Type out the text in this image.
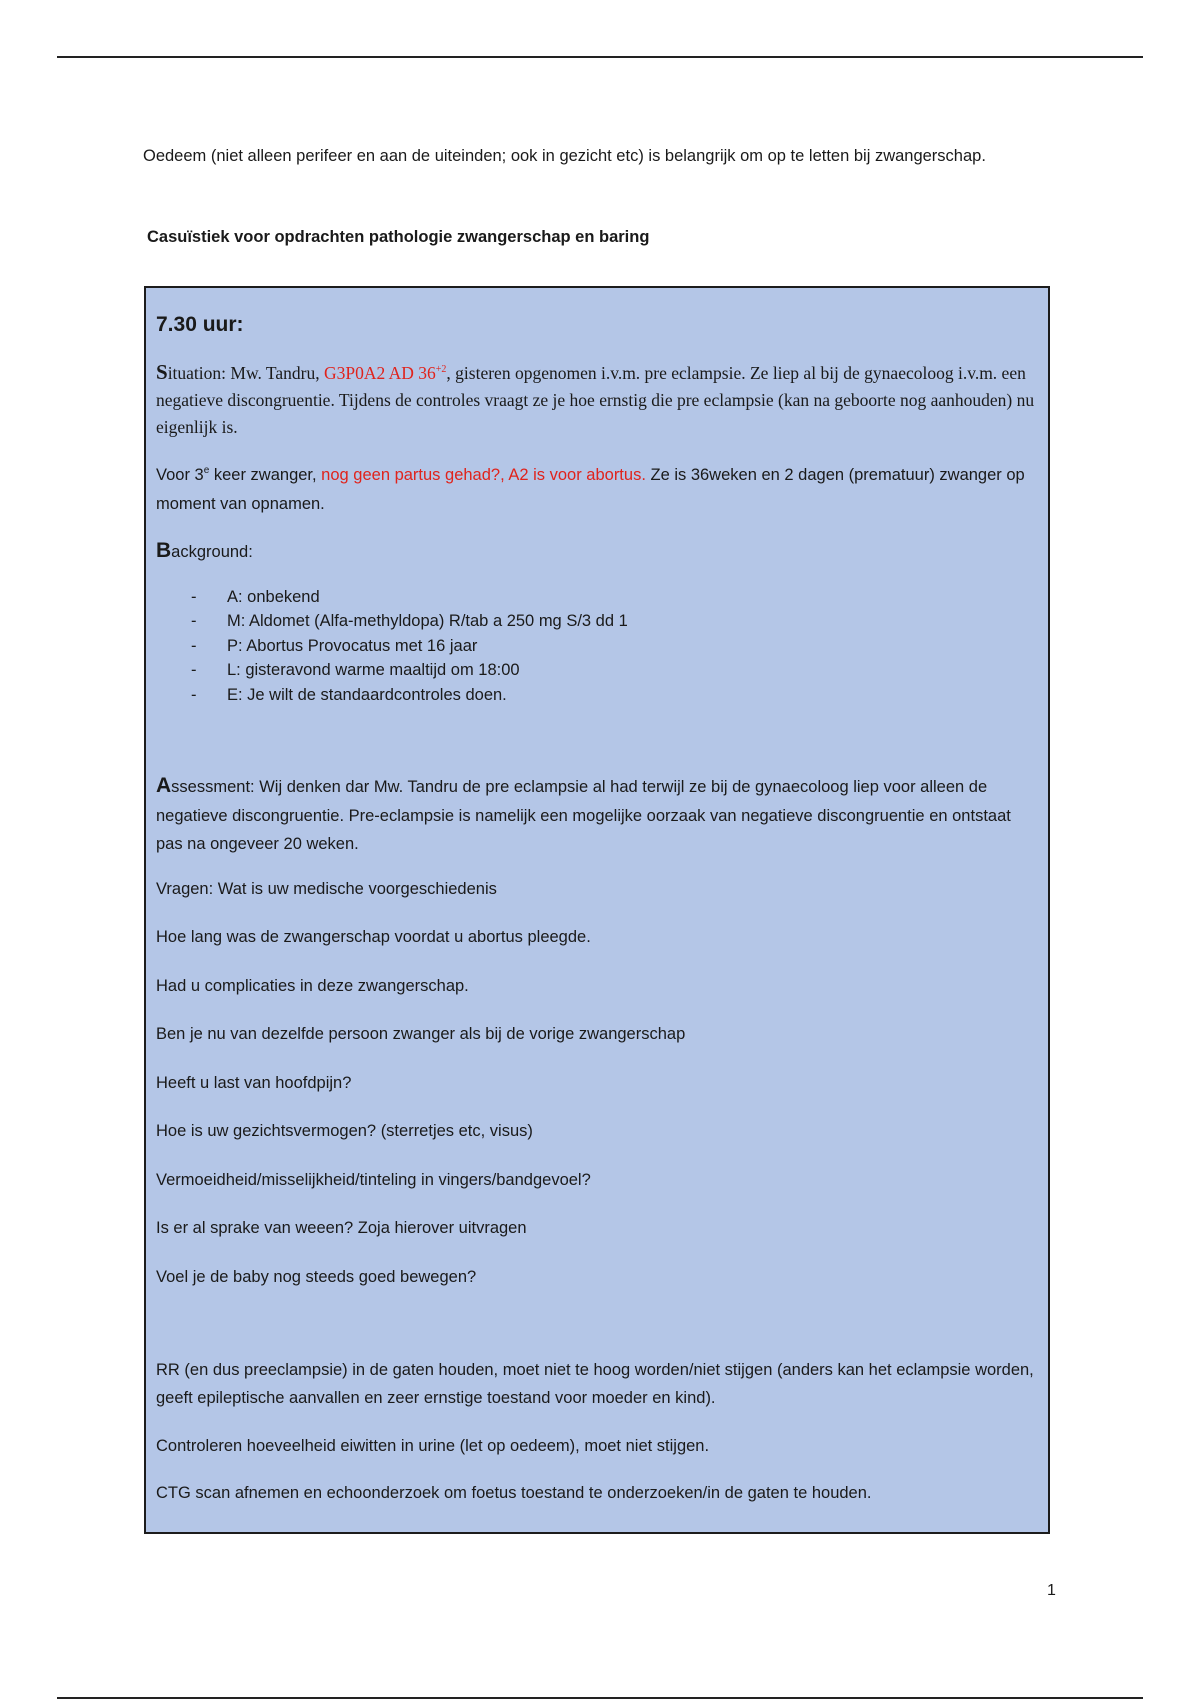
Oedeem (niet alleen perifeer en aan de uiteinden; ook in gezicht etc) is belangrijk om op te letten bij zwangerschap.

Casuïstiek voor opdrachten pathologie zwangerschap en baring

7.30 uur:

Situation: Mw. Tandru, G3P0A2 AD $36^{+2}$, gisteren opgenomen i.v.m. pre eclampsie. Ze liep al bij de gynaecoloog i.v.m. een negatieve discongruentie. Tijdens de controles vraagt ze je hoe ernstig die pre eclampsie (kan na geboorte nog aanhouden) nu eigenlijk is.

Voor 3e keer zwanger, nog geen partus gehad?, A2 is voor abortus. Ze is 36weken en 2 dagen (prematuur) zwanger op moment van opnamen.

Background:

- A: onbekend
- M: Aldomet (Alfa-methyldopa) R/tab a 250 mg S/3 dd 1
- P: Abortus Provocatus met 16 jaar
- L: gisteravond warme maaltijd om 18:00
- E: Je wilt de standaardcontroles doen.

Assessment: Wij denken dar Mw. Tandru de pre eclampsie al had terwijl ze bij de gynaecoloog liep voor alleen de negatieve discongruentie. Pre-eclampsie is namelijk een mogelijke oorzaak van negatieve discongruentie en ontstaat pas na ongeveer 20 weken.

Vragen: Wat is uw medische voorgeschiedenis

Hoe lang was de zwangerschap voordat u abortus pleegde.

Had u complicaties in deze zwangerschap.

Ben je nu van dezelfde persoon zwanger als bij de vorige zwangerschap

Heeft u last van hoofdpijn?

Hoe is uw gezichtsvermogen? (sterretjes etc, visus)

Vermoeidheid/misselijkheid/tinteling in vingers/bandgevoel?

Is er al sprake van weeen? Zoja hierover uitvragen

Voel je de baby nog steeds goed bewegen?

RR (en dus preeclampsie) in de gaten houden, moet niet te hoog worden/niet stijgen (anders kan het eclampsie worden, geeft epileptische aanvallen en zeer ernstige toestand voor moeder en kind).

Controleren hoeveelheid eiwitten in urine (let op oedeem), moet niet stijgen.

CTG scan afnemen en echoonderzoek om foetus toestand te onderzoeken/in de gaten te houden.

1
